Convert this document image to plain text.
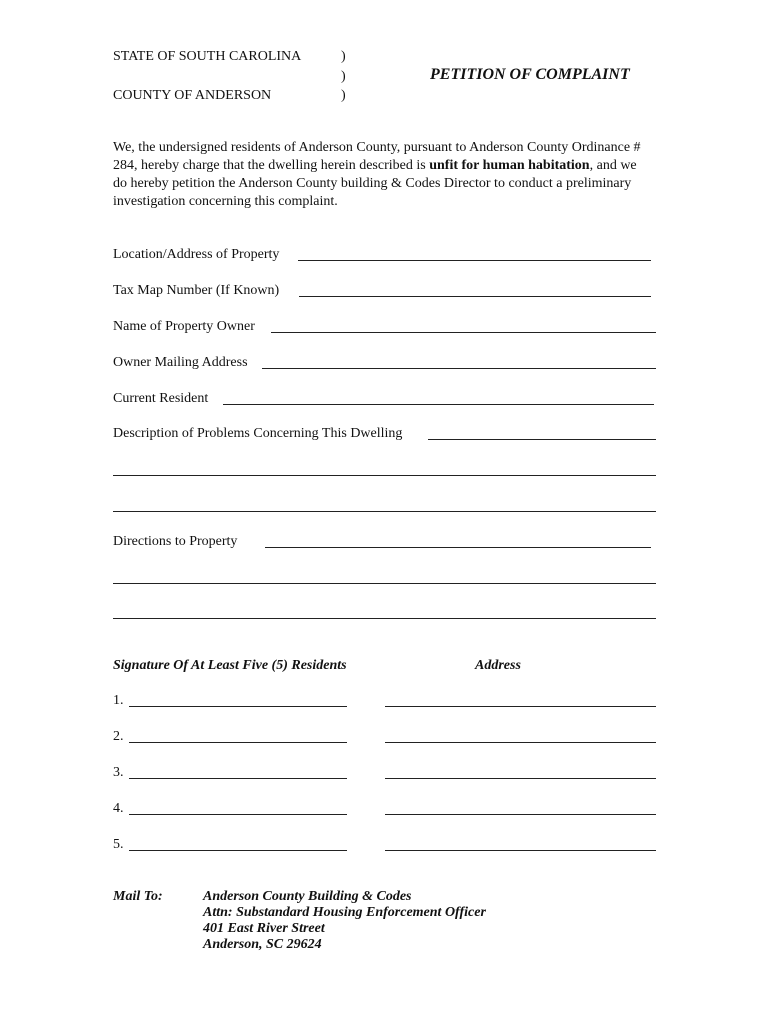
STATE OF SOUTH CAROLINA
COUNTY OF ANDERSON
)
)
)
PETITION OF COMPLAINT
We, the undersigned residents of Anderson County, pursuant to Anderson County Ordinance # 284, hereby charge that the dwelling herein described is unfit for human habitation, and we do hereby petition the Anderson County building & Codes Director to conduct a preliminary investigation concerning this complaint.
Location/Address of Property
Tax Map Number (If Known)
Name of Property Owner
Owner Mailing Address
Current Resident
Description of Problems Concerning This Dwelling
Directions to Property
Signature Of At Least Five (5) Residents	Address
1.
2.
3.
4.
5.
Mail To:	Anderson County Building & Codes
Attn: Substandard Housing Enforcement Officer
401 East River Street
Anderson, SC 29624
